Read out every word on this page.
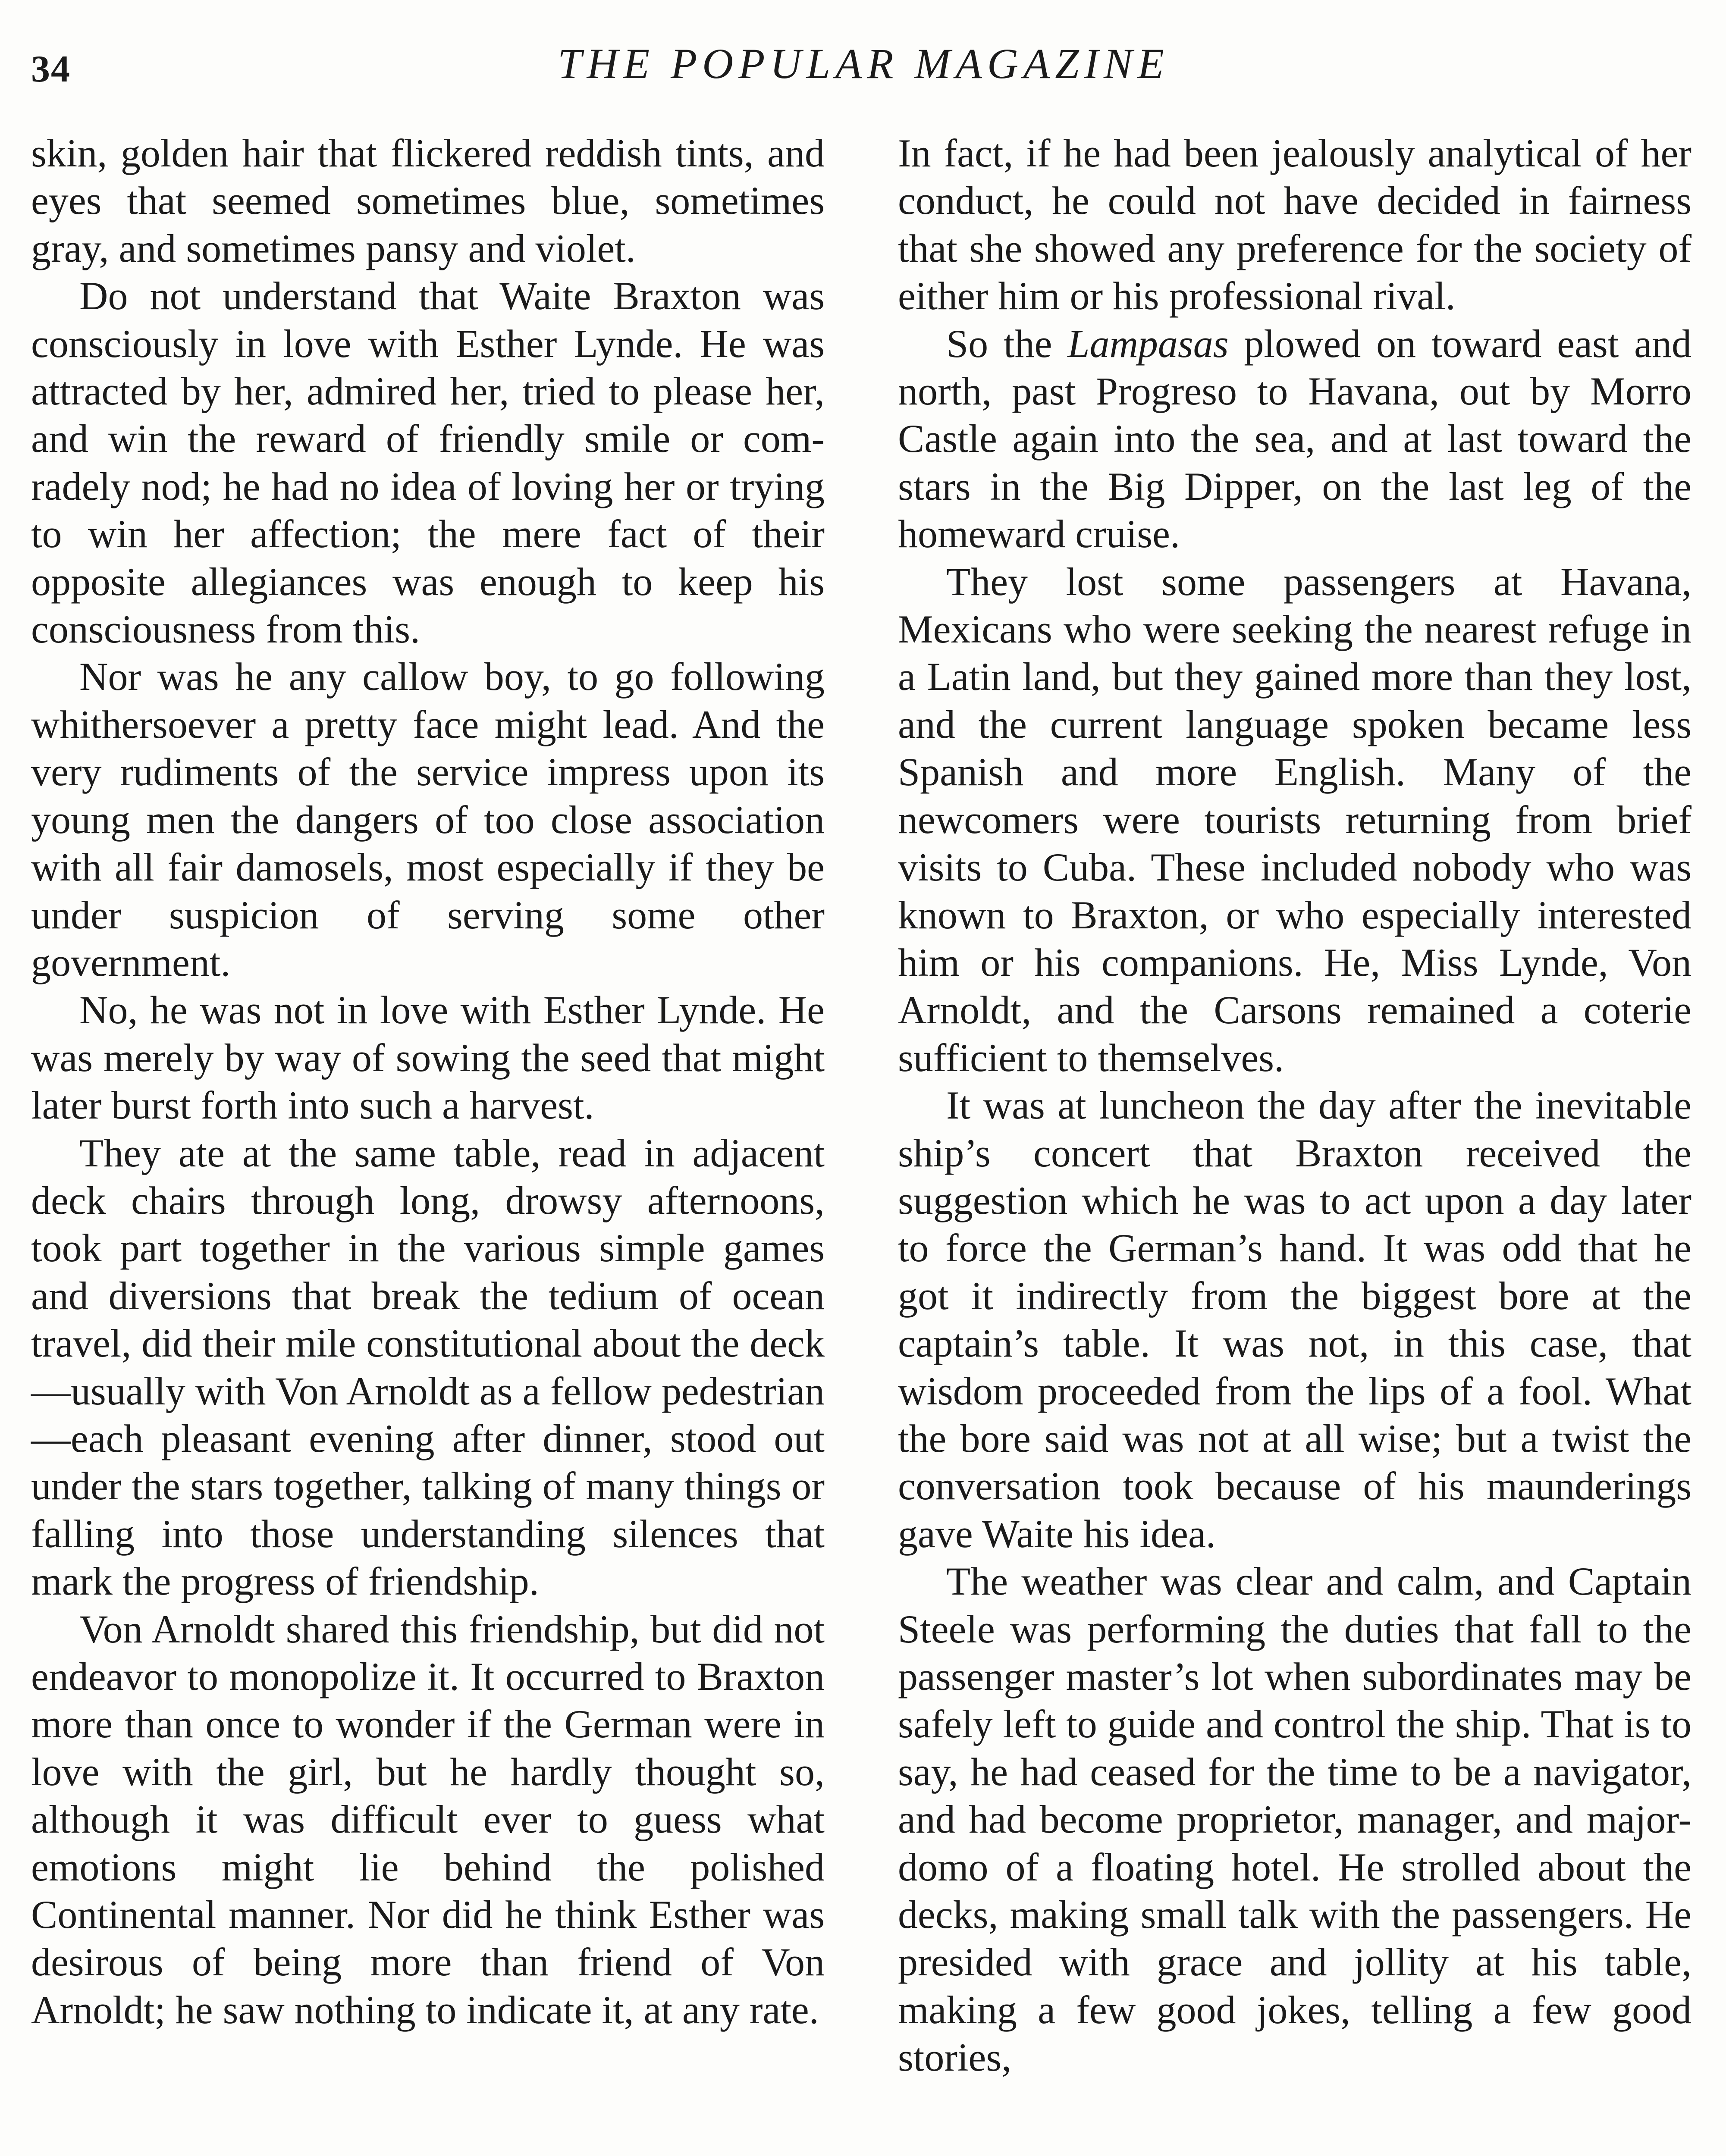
34	THE POPULAR MAGAZINE

skin, golden hair that flickered reddish tints, and eyes that seemed sometimes blue, sometimes gray, and sometimes pansy and violet.

Do not understand that Waite Braxton was consciously in love with Esther Lynde. He was attracted by her, admired her, tried to please her, and win the reward of friendly smile or comradely nod; he had no idea of loving her or trying to win her affection; the mere fact of their opposite allegiances was enough to keep his consciousness from this.

Nor was he any callow boy, to go following whithersoever a pretty face might lead. And the very rudiments of the service impress upon its young men the dangers of too close association with all fair damosels, most especially if they be under suspicion of serving some other government.

No, he was not in love with Esther Lynde. He was merely by way of sowing the seed that might later burst forth into such a harvest.

They ate at the same table, read in adjacent deck chairs through long, drowsy afternoons, took part together in the various simple games and diversions that break the tedium of ocean travel, did their mile constitutional about the deck—usually with Von Arnoldt as a fellow pedestrian—each pleasant evening after dinner, stood out under the stars together, talking of many things or falling into those understanding silences that mark the progress of friendship.

Von Arnoldt shared this friendship, but did not endeavor to monopolize it. It occurred to Braxton more than once to wonder if the German were in love with the girl, but he hardly thought so, although it was difficult ever to guess what emotions might lie behind the polished Continental manner. Nor did he think Esther was desirous of being more than friend of Von Arnoldt; he saw nothing to indicate it, at any rate.

In fact, if he had been jealously analytical of her conduct, he could not have decided in fairness that she showed any preference for the society of either him or his professional rival.

So the Lampasas plowed on toward east and north, past Progreso to Havana, out by Morro Castle again into the sea, and at last toward the stars in the Big Dipper, on the last leg of the homeward cruise.

They lost some passengers at Havana, Mexicans who were seeking the nearest refuge in a Latin land, but they gained more than they lost, and the current language spoken became less Spanish and more English. Many of the newcomers were tourists returning from brief visits to Cuba. These included nobody who was known to Braxton, or who especially interested him or his companions. He, Miss Lynde, Von Arnoldt, and the Carsons remained a coterie sufficient to themselves.

It was at luncheon the day after the inevitable ship’s concert that Braxton received the suggestion which he was to act upon a day later to force the German’s hand. It was odd that he got it indirectly from the biggest bore at the captain’s table. It was not, in this case, that wisdom proceeded from the lips of a fool. What the bore said was not at all wise; but a twist the conversation took because of his maunderings gave Waite his idea.

The weather was clear and calm, and Captain Steele was performing the duties that fall to the passenger master’s lot when subordinates may be safely left to guide and control the ship. That is to say, he had ceased for the time to be a navigator, and had become proprietor, manager, and major-domo of a floating hotel. He strolled about the decks, making small talk with the passengers. He presided with grace and jollity at his table, making a few good jokes, telling a few good stories,
